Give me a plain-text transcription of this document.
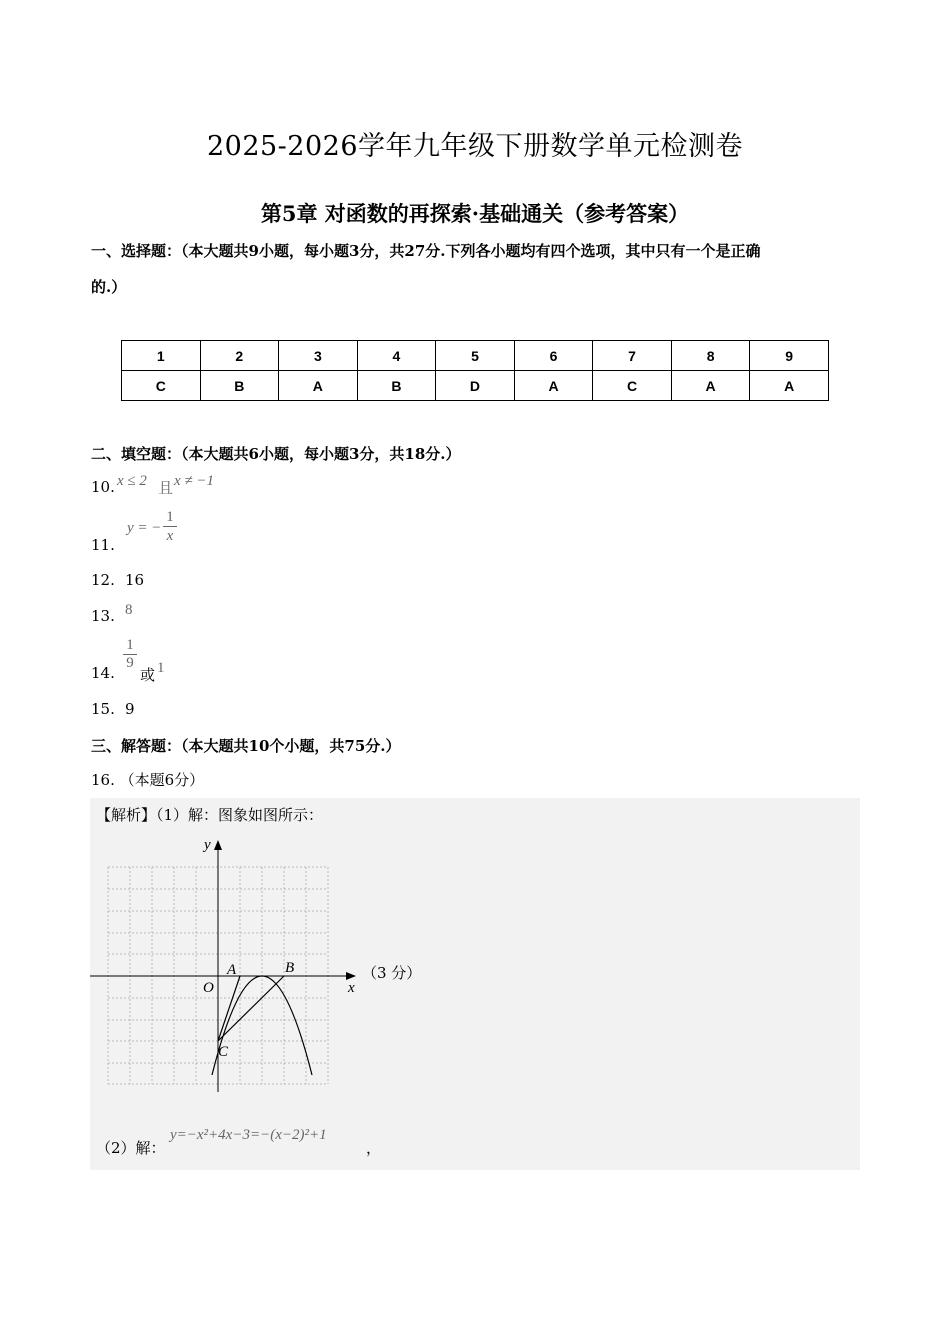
2025-2026学年九年级下册数学单元检测卷
第5章 对函数的再探索·基础通关（参考答案）
一、选择题：（本大题共9小题，每小题3分，共27分.下列各小题均有四个选项，其中只有一个是正确
的.）
1	2	3	4	5	6	7	8	9
C	B	A	B	D	A	C	A	A
二、填空题：（本大题共6小题，每小题3分，共18分.）
10. x ≤ 2 且 x ≠ −1
11.
y = −
1
x
12. 16
13. 8
14.
1
9
或 1
15. 9
三、解答题：（本大题共10个小题，共75分.）
16. （本题6分）
【解析】（1）解：图象如图所示：
y
x
O
A	B
C
（3 分）
（2）解：
y=−x²+4x−3=−(x−2)²+1
，
